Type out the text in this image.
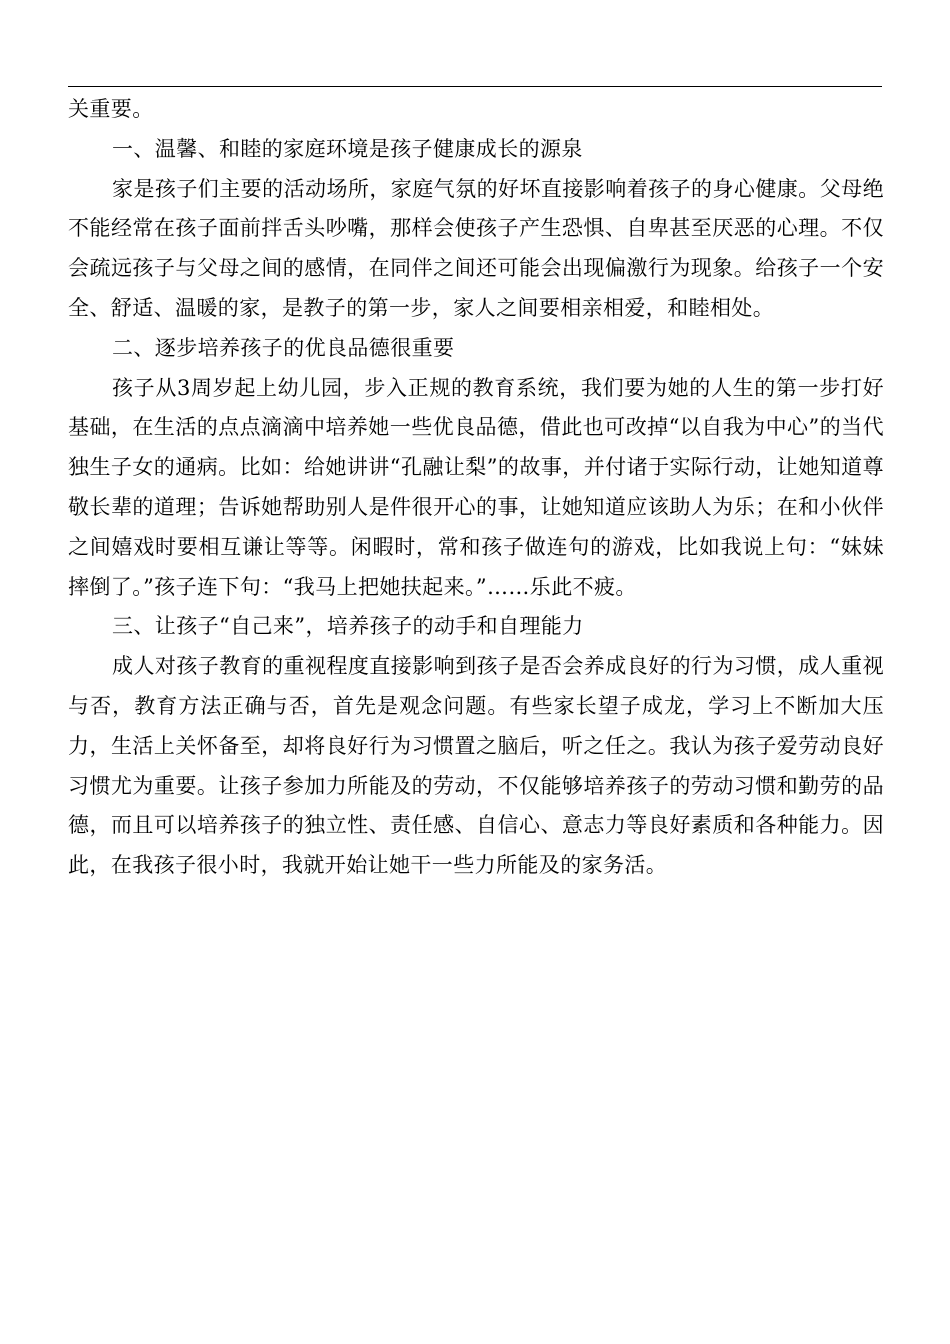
关重要。

一、温馨、和睦的家庭环境是孩子健康成长的源泉

家是孩子们主要的活动场所，家庭气氛的好坏直接影响着孩子的身心健康。父母绝不能经常在孩子面前拌舌头吵嘴，那样会使孩子产生恐惧、自卑甚至厌恶的心理。不仅会疏远孩子与父母之间的感情，在同伴之间还可能会出现偏激行为现象。给孩子一个安全、舒适、温暖的家，是教子的第一步，家人之间要相亲相爱，和睦相处。

二、逐步培养孩子的优良品德很重要

孩子从3周岁起上幼儿园，步入正规的教育系统，我们要为她的人生的第一步打好基础，在生活的点点滴滴中培养她一些优良品德，借此也可改掉“以自我为中心”的当代独生子女的通病。比如：给她讲讲“孔融让梨”的故事，并付诸于实际行动，让她知道尊敬长辈的道理；告诉她帮助别人是件很开心的事，让她知道应该助人为乐；在和小伙伴之间嬉戏时要相互谦让等等。闲暇时，常和孩子做连句的游戏，比如我说上句：“妹妹摔倒了。”孩子连下句：“我马上把她扶起来。”……乐此不疲。

三、让孩子“自己来”，培养孩子的动手和自理能力

成人对孩子教育的重视程度直接影响到孩子是否会养成良好的行为习惯，成人重视与否，教育方法正确与否，首先是观念问题。有些家长望子成龙，学习上不断加大压力，生活上关怀备至，却将良好行为习惯置之脑后，听之任之。我认为孩子爱劳动良好习惯尤为重要。让孩子参加力所能及的劳动，不仅能够培养孩子的劳动习惯和勤劳的品德，而且可以培养孩子的独立性、责任感、自信心、意志力等良好素质和各种能力。因此，在我孩子很小时，我就开始让她干一些力所能及的家务活。
